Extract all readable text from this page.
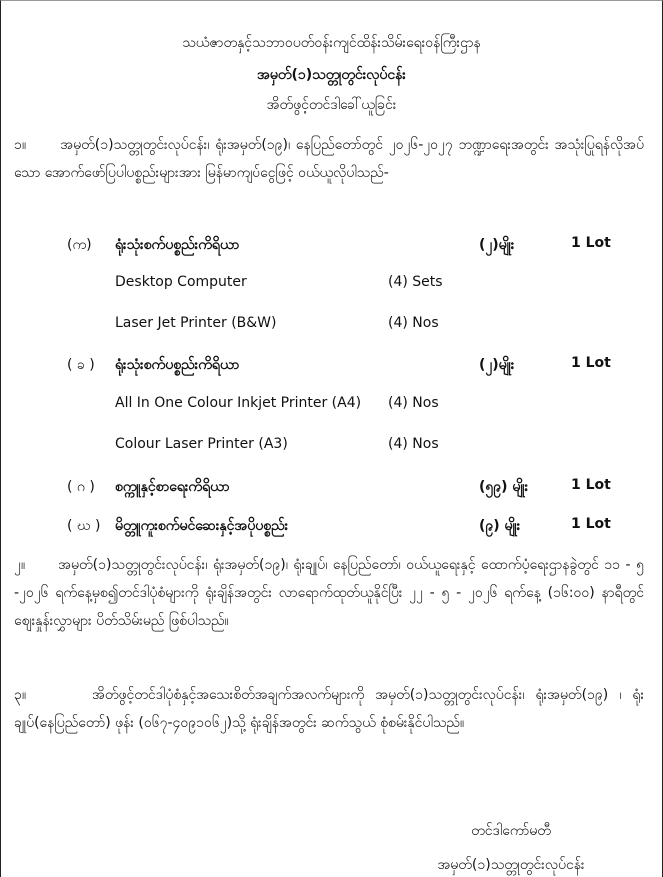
သယံဇာတနှင့်သဘာဝပတ်ဝန်းကျင်ထိန်းသိမ်းရေးဝန်ကြီးဌာန
အမှတ်(၁)သတ္တုတွင်းလုပ်ငန်း
အိတ်ဖွင့်တင်ဒါခေါ်ယူခြင်း
၁။ အမှတ်(၁)သတ္တုတွင်းလုပ်ငန်း၊ ရုံးအမှတ်(၁၉)၊ နေပြည်တော်တွင် ၂၀၂၆-၂၀၂၇ ဘဏ္ဍာရေးအတွင်း အသုံးပြုရန်လိုအပ်သော အောက်ဖော်ပြပါပစ္စည်းများအား မြန်မာကျပ်ငွေဖြင့် ဝယ်ယူလိုပါသည်-
(က) ရုံးသုံးစက်ပစ္စည်းကိရိယာ	(၂)မျိုး	1 Lot
Desktop Computer	(4) Sets
Laser Jet Printer (B&W)	(4) Nos
( ခ ) ရုံးသုံးစက်ပစ္စည်းကိရိယာ	(၂)မျိုး	1 Lot
All In One Colour Inkjet Printer (A4) (4) Nos
Colour Laser Printer (A3)	(4) Nos
( ဂ ) စက္ကူနှင့်စာရေးကိရိယာ	(၅၉) မျိုး	1 Lot
( ဃ ) မိတ္တူကူးစက်မင်ဆေးနှင့်အပိုပစ္စည်း	(၉) မျိုး	1 Lot
၂။ အမှတ်(၁)သတ္တုတွင်းလုပ်ငန်း၊ ရုံးအမှတ်(၁၉)၊ ရုံးချုပ်၊ နေပြည်တော်၊ ဝယ်ယူရေးနှင့် ထောက်ပံ့ရေးဌာနခွဲတွင် ၁၁ - ၅ -၂၀၂၆ ရက်နေ့မှစ၍တင်ဒါပုံစံများကို ရုံးချိန်အတွင်း လာရောက်ထုတ်ယူနိုင်ပြီး ၂၂ - ၅ - ၂၀၂၆ ရက်နေ့ (၁၆:၀၀) နာရီတွင် စျေးနှုန်းလွှာများ ပိတ်သိမ်းမည် ဖြစ်ပါသည်။
၃။	အိတ်ဖွင့်တင်ဒါပုံစံနှင့်အသေးစိတ်အချက်အလက်များကို အမှတ်(၁)သတ္တုတွင်းလုပ်ငန်း၊ ရုံးအမှတ်(၁၉) ၊ ရုံးချုပ်(နေပြည်တော်) ဖုန်း (၀၆၇-၄၀၉၁၀၆၂)သို့ ရုံးချိန်အတွင်း ဆက်သွယ် စုံစမ်းနိုင်ပါသည်။
တင်ဒါကော်မတီ
အမှတ်(၁)သတ္တုတွင်းလုပ်ငန်း
